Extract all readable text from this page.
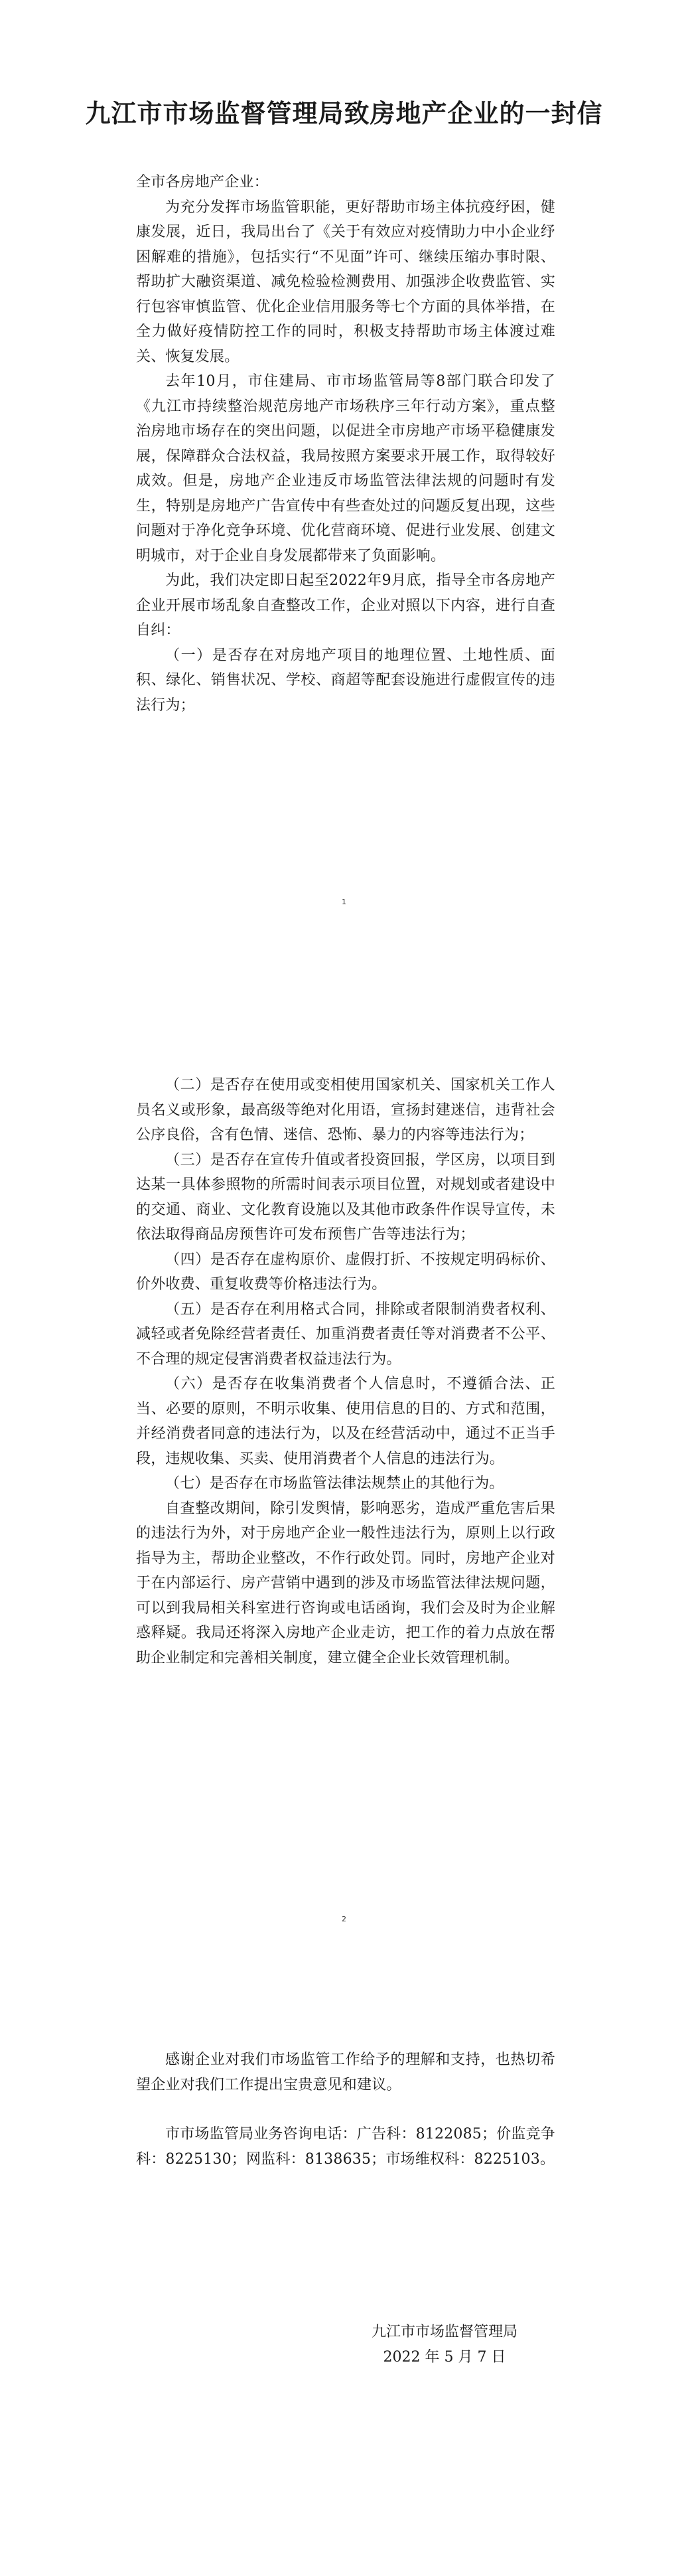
九江市市场监督管理局致房地产企业的一封信

全市各房地产企业：

为充分发挥市场监管职能，更好帮助市场主体抗疫纾困，健康发展，近日，我局出台了《关于有效应对疫情助力中小企业纾困解难的措施》，包括实行“不见面”许可、继续压缩办事时限、帮助扩大融资渠道、减免检验检测费用、加强涉企收费监管、实行包容审慎监管、优化企业信用服务等七个方面的具体举措，在全力做好疫情防控工作的同时，积极支持帮助市场主体渡过难关、恢复发展。

去年10月，市住建局、市市场监管局等8部门联合印发了《九江市持续整治规范房地产市场秩序三年行动方案》，重点整治房地市场存在的突出问题，以促进全市房地产市场平稳健康发展，保障群众合法权益，我局按照方案要求开展工作，取得较好成效。但是，房地产企业违反市场监管法律法规的问题时有发生，特别是房地产广告宣传中有些查处过的问题反复出现，这些问题对于净化竞争环境、优化营商环境、促进行业发展、创建文明城市，对于企业自身发展都带来了负面影响。

为此，我们决定即日起至2022年9月底，指导全市各房地产企业开展市场乱象自查整改工作，企业对照以下内容，进行自查自纠：

（一）是否存在对房地产项目的地理位置、土地性质、面积、绿化、销售状况、学校、商超等配套设施进行虚假宣传的违法行为；

1

（二）是否存在使用或变相使用国家机关、国家机关工作人员名义或形象，最高级等绝对化用语，宣扬封建迷信，违背社会公序良俗，含有色情、迷信、恐怖、暴力的内容等违法行为；

（三）是否存在宣传升值或者投资回报，学区房，以项目到达某一具体参照物的所需时间表示项目位置，对规划或者建设中的交通、商业、文化教育设施以及其他市政条件作误导宣传，未依法取得商品房预售许可发布预售广告等违法行为；

（四）是否存在虚构原价、虚假打折、不按规定明码标价、价外收费、重复收费等价格违法行为。

（五）是否存在利用格式合同，排除或者限制消费者权利、减轻或者免除经营者责任、加重消费者责任等对消费者不公平、不合理的规定侵害消费者权益违法行为。

（六）是否存在收集消费者个人信息时，不遵循合法、正当、必要的原则，不明示收集、使用信息的目的、方式和范围，并经消费者同意的违法行为，以及在经营活动中，通过不正当手段，违规收集、买卖、使用消费者个人信息的违法行为。

（七）是否存在市场监管法律法规禁止的其他行为。

自查整改期间，除引发舆情，影响恶劣，造成严重危害后果的违法行为外，对于房地产企业一般性违法行为，原则上以行政指导为主，帮助企业整改，不作行政处罚。同时，房地产企业对于在内部运行、房产营销中遇到的涉及市场监管法律法规问题，可以到我局相关科室进行咨询或电话函询，我们会及时为企业解惑释疑。我局还将深入房地产企业走访，把工作的着力点放在帮助企业制定和完善相关制度，建立健全企业长效管理机制。

2

感谢企业对我们市场监管工作给予的理解和支持，也热切希望企业对我们工作提出宝贵意见和建议。

市市场监管局业务咨询电话：广告科：8122085；价监竞争科：8225130；网监科：8138635；市场维权科：8225103。

九江市市场监督管理局
2022 年 5 月 7 日
